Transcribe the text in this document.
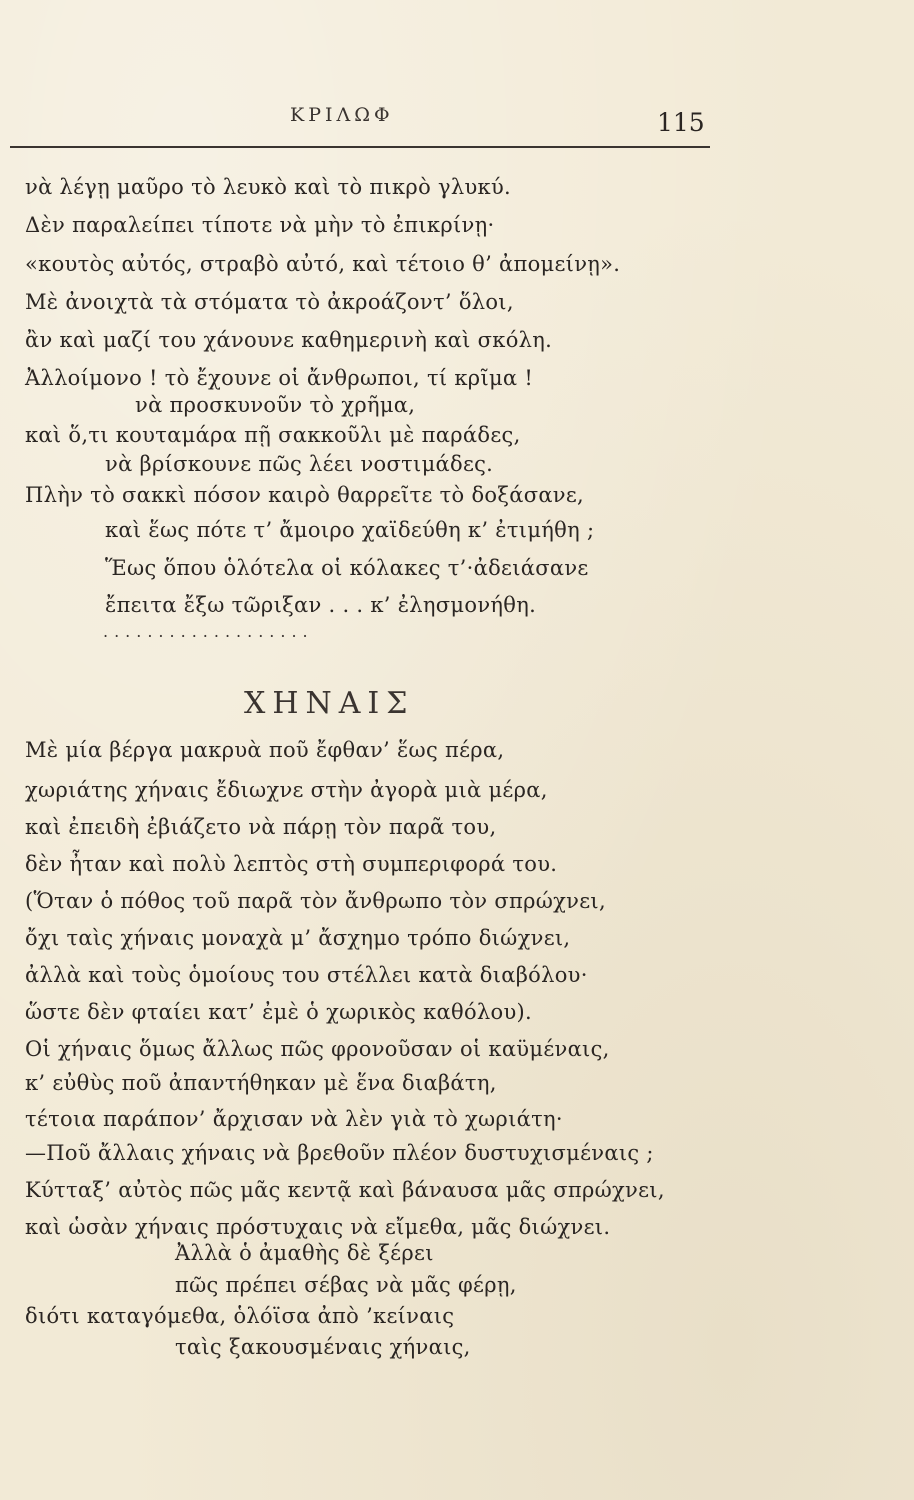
ΚΡΙΛΩΦ	115
νὰ λέγῃ μαῦρο τὸ λευκὸ καὶ τὸ πικρὸ γλυκύ.
Δὲν παραλείπει τίποτε νὰ μὴν τὸ ἐπικρίνῃ·
«κουτὸς αὐτός, στραβὸ αὐτό, καὶ τέτοιο θ’ ἀπομείνῃ».
Μὲ ἀνοιχτὰ τὰ στόματα τὸ ἀκροάζοντ’ ὅλοι,
ἂν καὶ μαζί του χάνουνε καθημερινὴ καὶ σκόλη.
Ἀλλοίμονο ! τὸ ἔχουνε οἱ ἄνθρωποι, τί κρῖμα !
νὰ προσκυνοῦν τὸ χρῆμα,
καὶ ὅ,τι κουταμάρα πῇ σακκοῦλι μὲ παράδες,
νὰ βρίσκουνε πῶς λέει νοστιμάδες.
Πλὴν τὸ σακκὶ πόσον καιρὸ θαρρεῖτε τὸ δοξάσανε,
καὶ ἕως πότε τ’ ἄμοιρο χαϊδεύθη κ’ ἐτιμήθη ;
Ἕως ὅπου ὁλότελα οἱ κόλακες τ’·ἀδειάσανε
ἔπειτα ἔξω τῶριξαν . . . κ’ ἐλησμονήθη.
...................
ΧΗΝΑΙΣ
Μὲ μία βέργα μακρυὰ ποῦ ἔφθαν’ ἕως πέρα,
χωριάτης χήναις ἔδιωχνε στὴν ἀγορὰ μιὰ μέρα,
καὶ ἐπειδὴ ἐβιάζετο νὰ πάρῃ τὸν παρᾶ του,
δὲν ἦταν καὶ πολὺ λεπτὸς στὴ συμπεριφορά του.
(Ὅταν ὁ πόθος τοῦ παρᾶ τὸν ἄνθρωπο τὸν σπρώχνει,
ὄχι ταὶς χήναις μοναχὰ μ’ ἄσχημο τρόπο διώχνει,
ἀλλὰ καὶ τοὺς ὁμοίους του στέλλει κατὰ διαβόλου·
ὥστε δὲν φταίει κατ’ ἐμὲ ὁ χωρικὸς καθόλου).
Οἱ χήναις ὅμως ἄλλως πῶς φρονοῦσαν οἱ καϋμέναις,
κ’ εὐθὺς ποῦ ἀπαντήθηκαν μὲ ἕνα διαβάτη,
τέτοια παράπον’ ἄρχισαν νὰ λὲν γιὰ τὸ χωριάτη·
—Ποῦ ἄλλαις χήναις νὰ βρεθοῦν πλέον δυστυχισμέναις ;
Κύτταξ’ αὐτὸς πῶς μᾶς κεντᾷ καὶ βάναυσα μᾶς σπρώχνει,
καὶ ὡσὰν χήναις πρόστυχαις νὰ εἴμεθα, μᾶς διώχνει.
Ἀλλὰ ὁ ἀμαθὴς δὲ ξέρει
πῶς πρέπει σέβας νὰ μᾶς φέρῃ,
διότι καταγόμεθα, ὁλόϊσα ἀπὸ ’κείναις
ταὶς ξακουσμέναις χήναις,
